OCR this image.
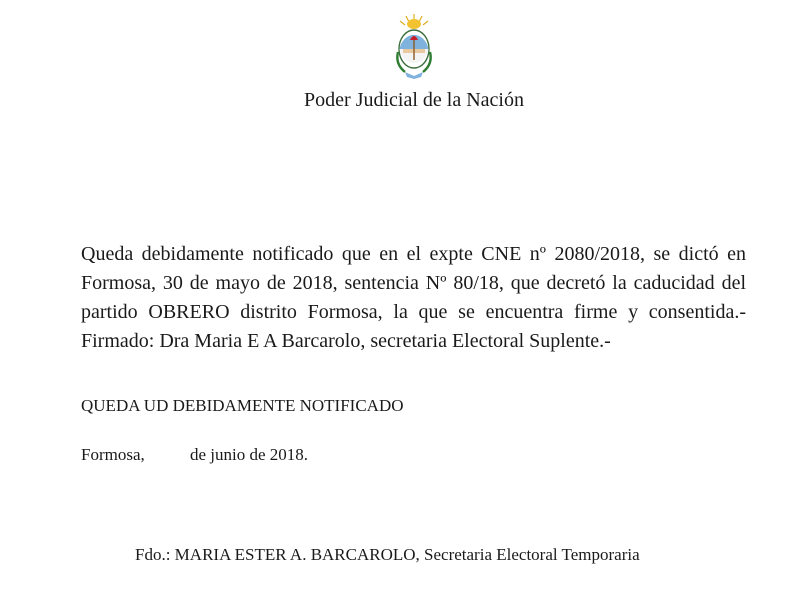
Poder Judicial de la Nación

Queda debidamente notificado que en el expte CNE nº 2080/2018, se dictó en Formosa, 30 de mayo de 2018, sentencia Nº 80/18, que decretó la caducidad del partido OBRERO distrito Formosa, la que se encuentra firme y consentida.-Firmado: Dra Maria E A Barcarolo, secretaria Electoral Suplente.-

QUEDA UD DEBIDAMENTE NOTIFICADO
Formosa,	de junio de 2018.
Fdo.: MARIA ESTER A. BARCAROLO, Secretaria Electoral Temporaria
